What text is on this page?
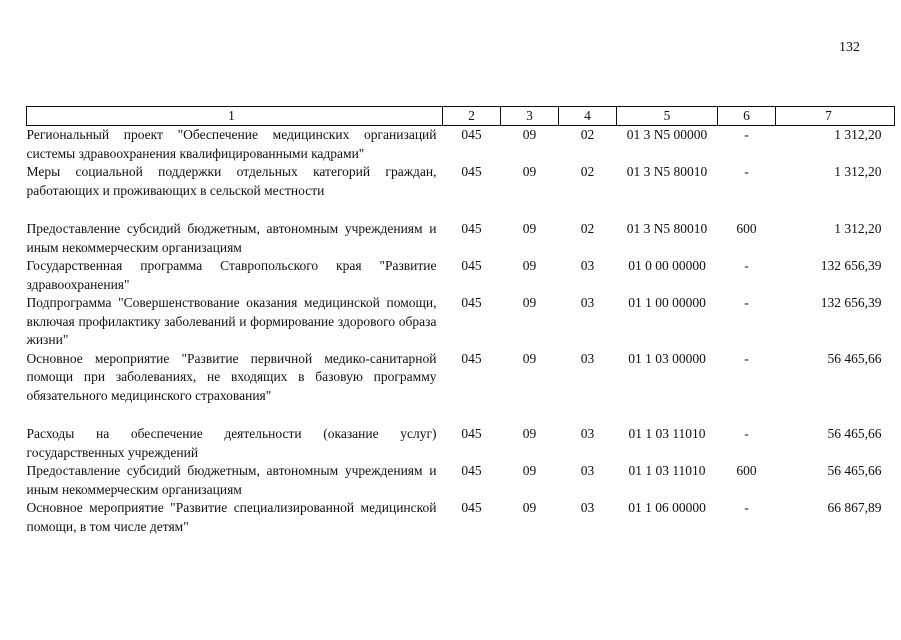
132
1	2	3	4	5	6	7
Региональный проект "Обеспечение медицинских организаций системы здравоохранения квалифицированными кадрами"	045	09	02	01 3 N5 00000	-	1 312,20
Меры социальной поддержки отдельных категорий граждан, работающих и проживающих в сельской местности	045	09	02	01 3 N5 80010	-	1 312,20
Предоставление субсидий бюджетным, автономным учреждениям и иным некоммерческим организациям	045	09	02	01 3 N5 80010	600	1 312,20
Государственная программа Ставропольского края "Развитие здравоохранения"	045	09	03	01 0 00 00000	-	132 656,39
Подпрограмма "Совершенствование оказания медицинской помощи, включая профилактику заболеваний и формирование здорового образа жизни"	045	09	03	01 1 00 00000	-	132 656,39
Основное мероприятие "Развитие первичной медико-санитарной помощи при заболеваниях, не входящих в базовую программу обязательного медицинского страхования"	045	09	03	01 1 03 00000	-	56 465,66
Расходы на обеспечение деятельности (оказание услуг) государственных учреждений	045	09	03	01 1 03 11010	-	56 465,66
Предоставление субсидий бюджетным, автономным учреждениям и иным некоммерческим организациям	045	09	03	01 1 03 11010	600	56 465,66
Основное мероприятие "Развитие специализированной медицинской помощи, в том числе детям"	045	09	03	01 1 06 00000	-	66 867,89
